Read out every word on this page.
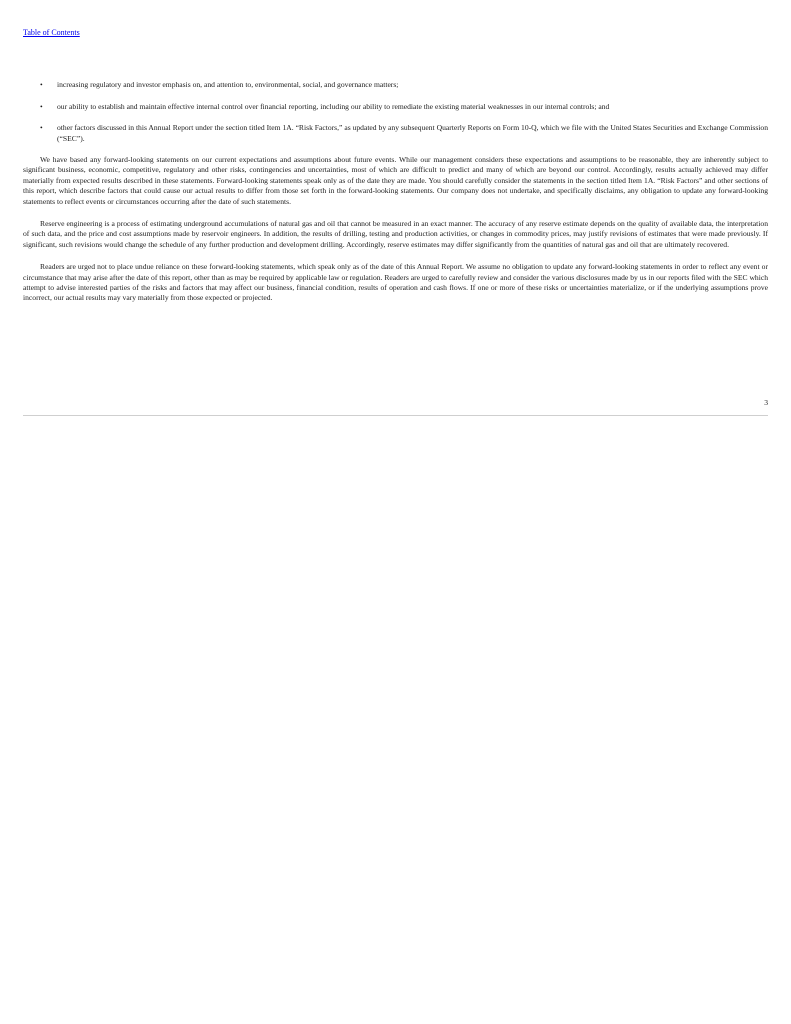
Table of Contents
• increasing regulatory and investor emphasis on, and attention to, environmental, social, and governance matters;
• our ability to establish and maintain effective internal control over financial reporting, including our ability to remediate the existing material weaknesses in our internal controls; and
• other factors discussed in this Annual Report under the section titled Item 1A. “Risk Factors,” as updated by any subsequent Quarterly Reports on Form 10-Q, which we file with the United States Securities and Exchange Commission (“SEC”).

We have based any forward-looking statements on our current expectations and assumptions about future events. While our management considers these expectations and assumptions to be reasonable, they are inherently subject to significant business, economic, competitive, regulatory and other risks, contingencies and uncertainties, most of which are difficult to predict and many of which are beyond our control. Accordingly, results actually achieved may differ materially from expected results described in these statements. Forward-looking statements speak only as of the date they are made. You should carefully consider the statements in the section titled Item 1A. “Risk Factors” and other sections of this report, which describe factors that could cause our actual results to differ from those set forth in the forward-looking statements. Our company does not undertake, and specifically disclaims, any obligation to update any forward-looking statements to reflect events or circumstances occurring after the date of such statements.

Reserve engineering is a process of estimating underground accumulations of natural gas and oil that cannot be measured in an exact manner. The accuracy of any reserve estimate depends on the quality of available data, the interpretation of such data, and the price and cost assumptions made by reservoir engineers. In addition, the results of drilling, testing and production activities, or changes in commodity prices, may justify revisions of estimates that were made previously. If significant, such revisions would change the schedule of any further production and development drilling. Accordingly, reserve estimates may differ significantly from the quantities of natural gas and oil that are ultimately recovered.

Readers are urged not to place undue reliance on these forward-looking statements, which speak only as of the date of this Annual Report. We assume no obligation to update any forward-looking statements in order to reflect any event or circumstance that may arise after the date of this report, other than as may be required by applicable law or regulation. Readers are urged to carefully review and consider the various disclosures made by us in our reports filed with the SEC which attempt to advise interested parties of the risks and factors that may affect our business, financial condition, results of operation and cash flows. If one or more of these risks or uncertainties materialize, or if the underlying assumptions prove incorrect, our actual results may vary materially from those expected or projected.

3
